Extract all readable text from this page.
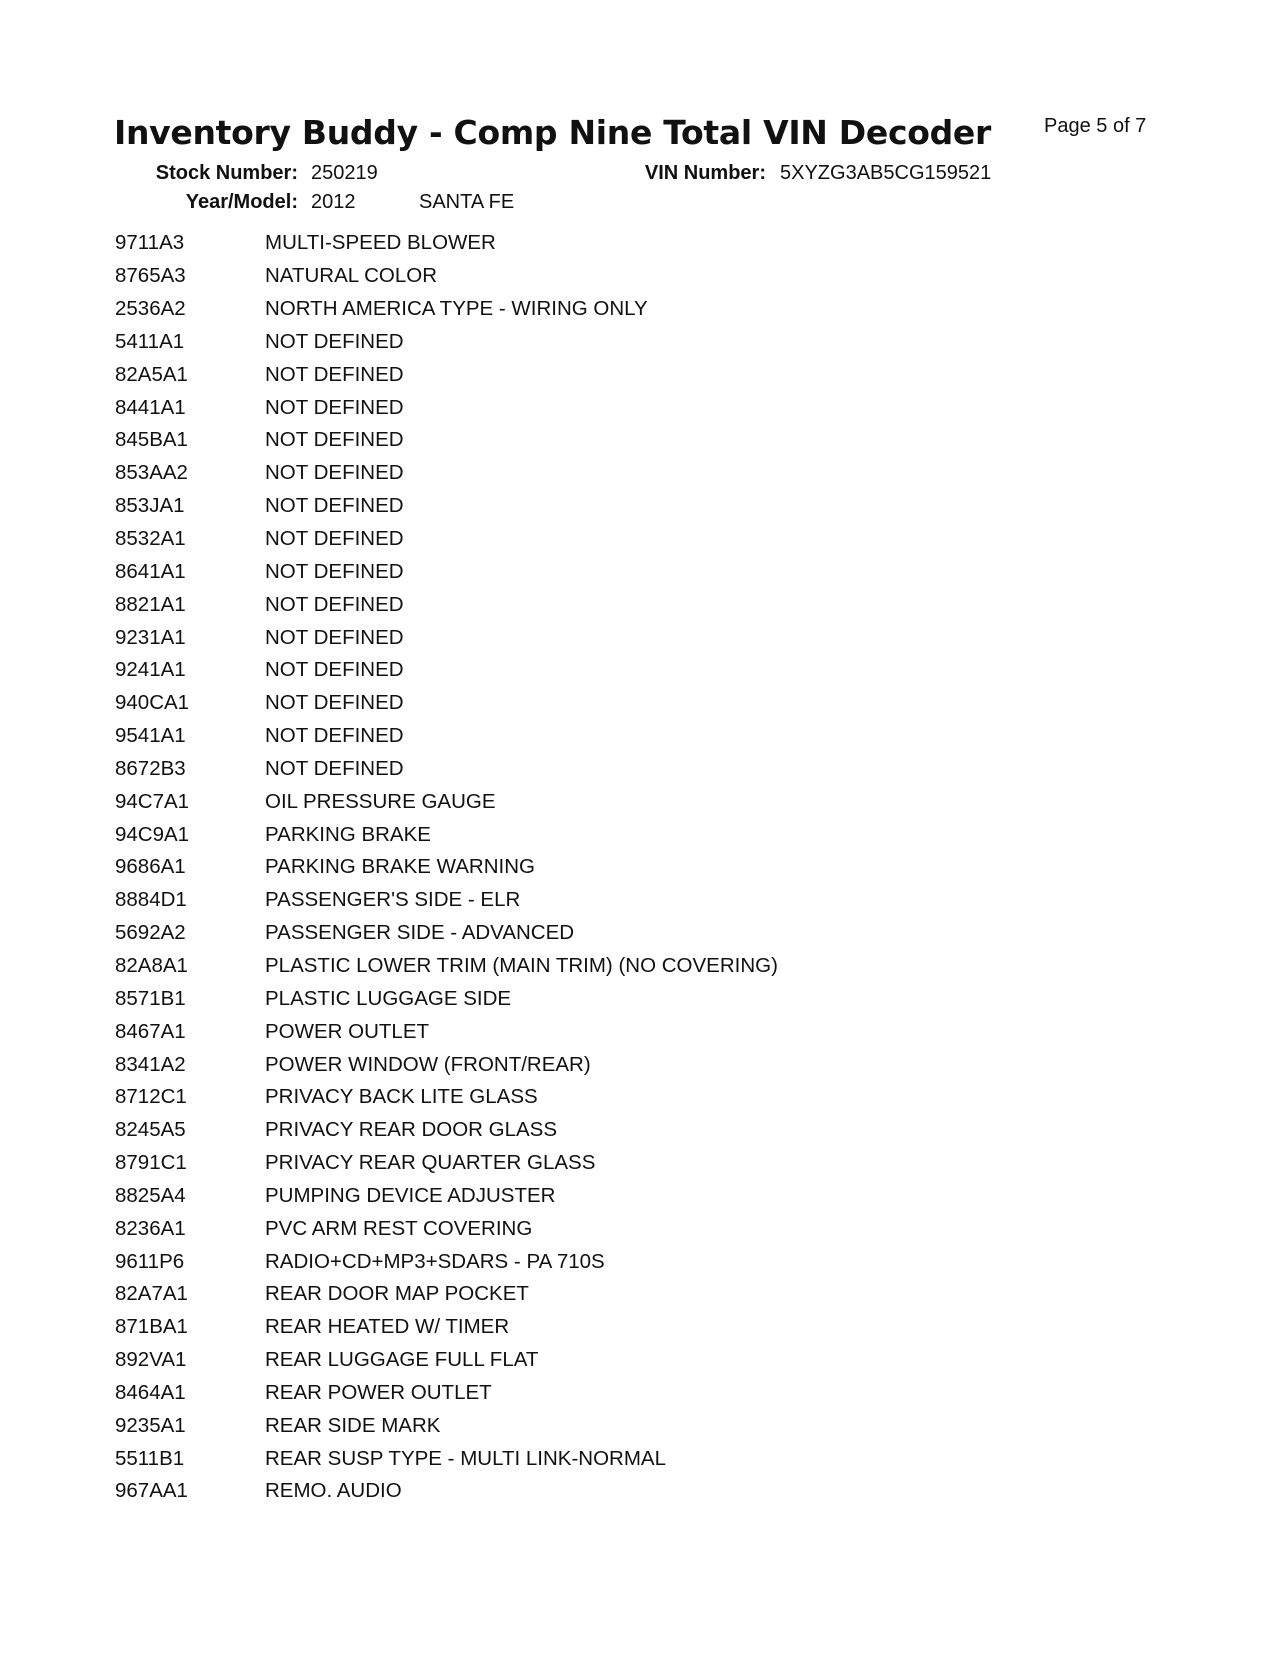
Inventory Buddy - Comp Nine Total VIN Decoder	Page 5 of 7
Stock Number: 250219
Year/Model: 2012	SANTA FE
VIN Number: 5XYZG3AB5CG159521
9711A3	MULTI-SPEED BLOWER
8765A3	NATURAL COLOR
2536A2	NORTH AMERICA TYPE - WIRING ONLY
5411A1	NOT DEFINED
82A5A1	NOT DEFINED
8441A1	NOT DEFINED
845BA1	NOT DEFINED
853AA2	NOT DEFINED
853JA1	NOT DEFINED
8532A1	NOT DEFINED
8641A1	NOT DEFINED
8821A1	NOT DEFINED
9231A1	NOT DEFINED
9241A1	NOT DEFINED
940CA1	NOT DEFINED
9541A1	NOT DEFINED
8672B3	NOT DEFINED
94C7A1	OIL PRESSURE GAUGE
94C9A1	PARKING BRAKE
9686A1	PARKING BRAKE WARNING
8884D1	PASSENGER'S SIDE - ELR
5692A2	PASSENGER SIDE - ADVANCED
82A8A1	PLASTIC LOWER TRIM (MAIN TRIM) (NO COVERING)
8571B1	PLASTIC LUGGAGE SIDE
8467A1	POWER OUTLET
8341A2	POWER WINDOW (FRONT/REAR)
8712C1	PRIVACY BACK LITE GLASS
8245A5	PRIVACY REAR DOOR GLASS
8791C1	PRIVACY REAR QUARTER GLASS
8825A4	PUMPING DEVICE ADJUSTER
8236A1	PVC ARM REST COVERING
9611P6	RADIO+CD+MP3+SDARS - PA 710S
82A7A1	REAR DOOR MAP POCKET
871BA1	REAR HEATED W/ TIMER
892VA1	REAR LUGGAGE FULL FLAT
8464A1	REAR POWER OUTLET
9235A1	REAR SIDE MARK
5511B1	REAR SUSP TYPE - MULTI LINK-NORMAL
967AA1	REMO. AUDIO
